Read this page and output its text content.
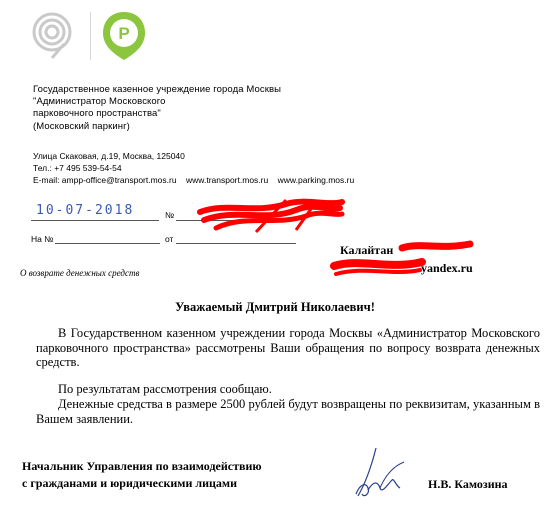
P
Государственное казенное учреждение города Москвы
"Администратор Московского
парковочного пространства"
(Московский паркинг)
Улица Скаковая, д.19, Москва, 125040
Тел.: +7 495 539-54-54
E-mail: ampp-office@transport.mos.ru    www.transport.mos.ru    www.parking.mos.ru
10-07-2018	№
На №	от
Калайтан
yandex.ru
О возврате денежных средств
Уважаемый Дмитрий Николаевич!
В Государственном казенном учреждении города Москвы «Администратор Московского парковочного пространства» рассмотрены Ваши обращения по вопросу возврата денежных средств.
По результатам рассмотрения сообщаю.
Денежные средства в размере 2500 рублей будут возвращены по реквизитам, указанным в Вашем заявлении.
Начальник Управления по взаимодействию
с гражданами и юридическими лицами	Н.В. Камозина
